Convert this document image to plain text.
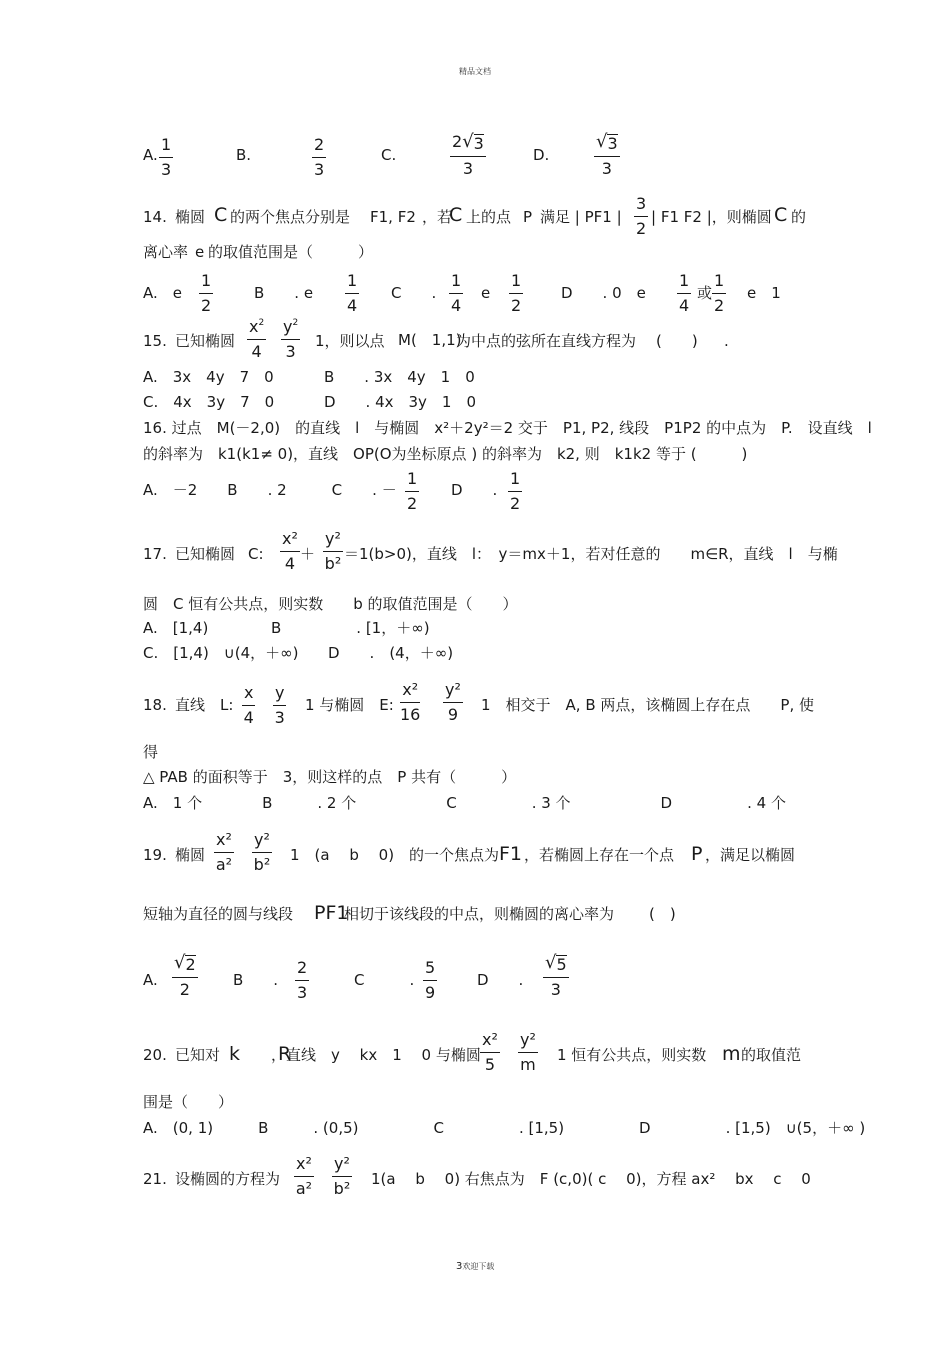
精品文档
3欢迎下载
A. $\frac{1}{3}$	B.	$\frac{2}{3}$	C.	$\frac{2 √ 3}{3}$	D. $\frac{√ 3}{3}$
14. 椭圆 C 的两个焦点分别是 F1, F2 ，若
C 上的点 P 满足 | PF1 | $\frac{3}{2}$ | F1 F2 |，则椭圆 C 的
离心率 e 的取值范围是（　　　）
A.　e $\frac{1}{2}$	B　　. e $\frac{1}{4}$ C　　. $\frac{1}{4}$ e $\frac{1}{2}$	D　　. 0　e $\frac{1}{4}$ 或 $\frac{1}{2}$ e　1
15. 已知椭圆 $\frac{x^2}{4} \frac{y^2}{3} 1$，则以点 M(　1,1)
为中点的弦所在直线方程为 (　　) .
A.　3x　4y　7　0	B　　. 3x　4y　1　0
C.　4x　3y　7　0	D　　. 4x　3y　1　0
16. 过点　M(－2,0)　的直线　l　与椭圆　x²＋2y²＝2 交于　P1, P2, 线段　P1P2 的中点为　P.　设直线　l
的斜率为　k1(k1≠ 0)，直线　OP(O为坐标原点 ) 的斜率为　k2, 则　k1k2 等于 (　　　)
A.　－2　　B　　. 2　　　C　　. － $\frac{1}{2}$ D　　. $\frac{1}{2}$
17. 已知椭圆 C: $\frac{\text{x²}}{4} + \frac{\text{y²}}{\text{b²}} =1(b>0)$，直线　l：　y＝mx＋1，若对任意的　　m∈R，直线　l　与椭
圆　C 恒有公共点，则实数　　b 的取值范围是（　　）
A.　[1,4)	B　　　　　. [1，＋∞)
C.　[1,4)　∪(4，＋∞) D　　.　(4，＋∞)
18. 直线　L: $\frac{x}{4} \frac{y}{3} 1$ 与椭圆　E: $\frac{\text{x²}}{16} \frac{\text{y²}}{9} 1$　相交于　A, B 两点，该椭圆上存在点　　P, 使
得
△ PAB 的面积等于　3，则这样的点　P 共有（　　　）
A.　1 个　　　　B　　　. 2 个　　　　　　C　　　　　. 3 个　　　　　　D　　　　　. 4 个
19. 椭圆 $\frac{\text{x²}}{\text{a²}} \frac{\text{y²}}{\text{b²}} 1$　(a　 b　 0)　的一个焦点为 F1 ，若椭圆上存在一个点 P ，满足以椭圆
短轴为直径的圆与线段 PF1
相切于该线段的中点，则椭圆的离心率为 (　)
A. $\frac{√ 2}{2}$ B　　. $\frac{2}{3}$	C　　　. $\frac{5}{9}$	D　　. $\frac{√ 5}{3}$
20. 已知对 k　　R
，直线　y　 kx　1　 0 与椭圆 $\frac{\text{x²}}{5} \frac{\text{y²}}{m} 1$ 恒有公共点，则实数 m 的取值范
围是（　　）
A.　(0, 1)　　　B　　　. (0,5)　　　　　C　　　　　. [1,5)　　　　　D　　　　　. [1,5)　∪(5，＋∞ )
21. 设椭圆的方程为 $\frac{\text{x²}}{\text{a²}} \frac{\text{y²}}{\text{b²}} 1(a$　 b　 0) 右焦点为　F (c,0)( c　 0)，方程 ax²　 bx　 c　 0
